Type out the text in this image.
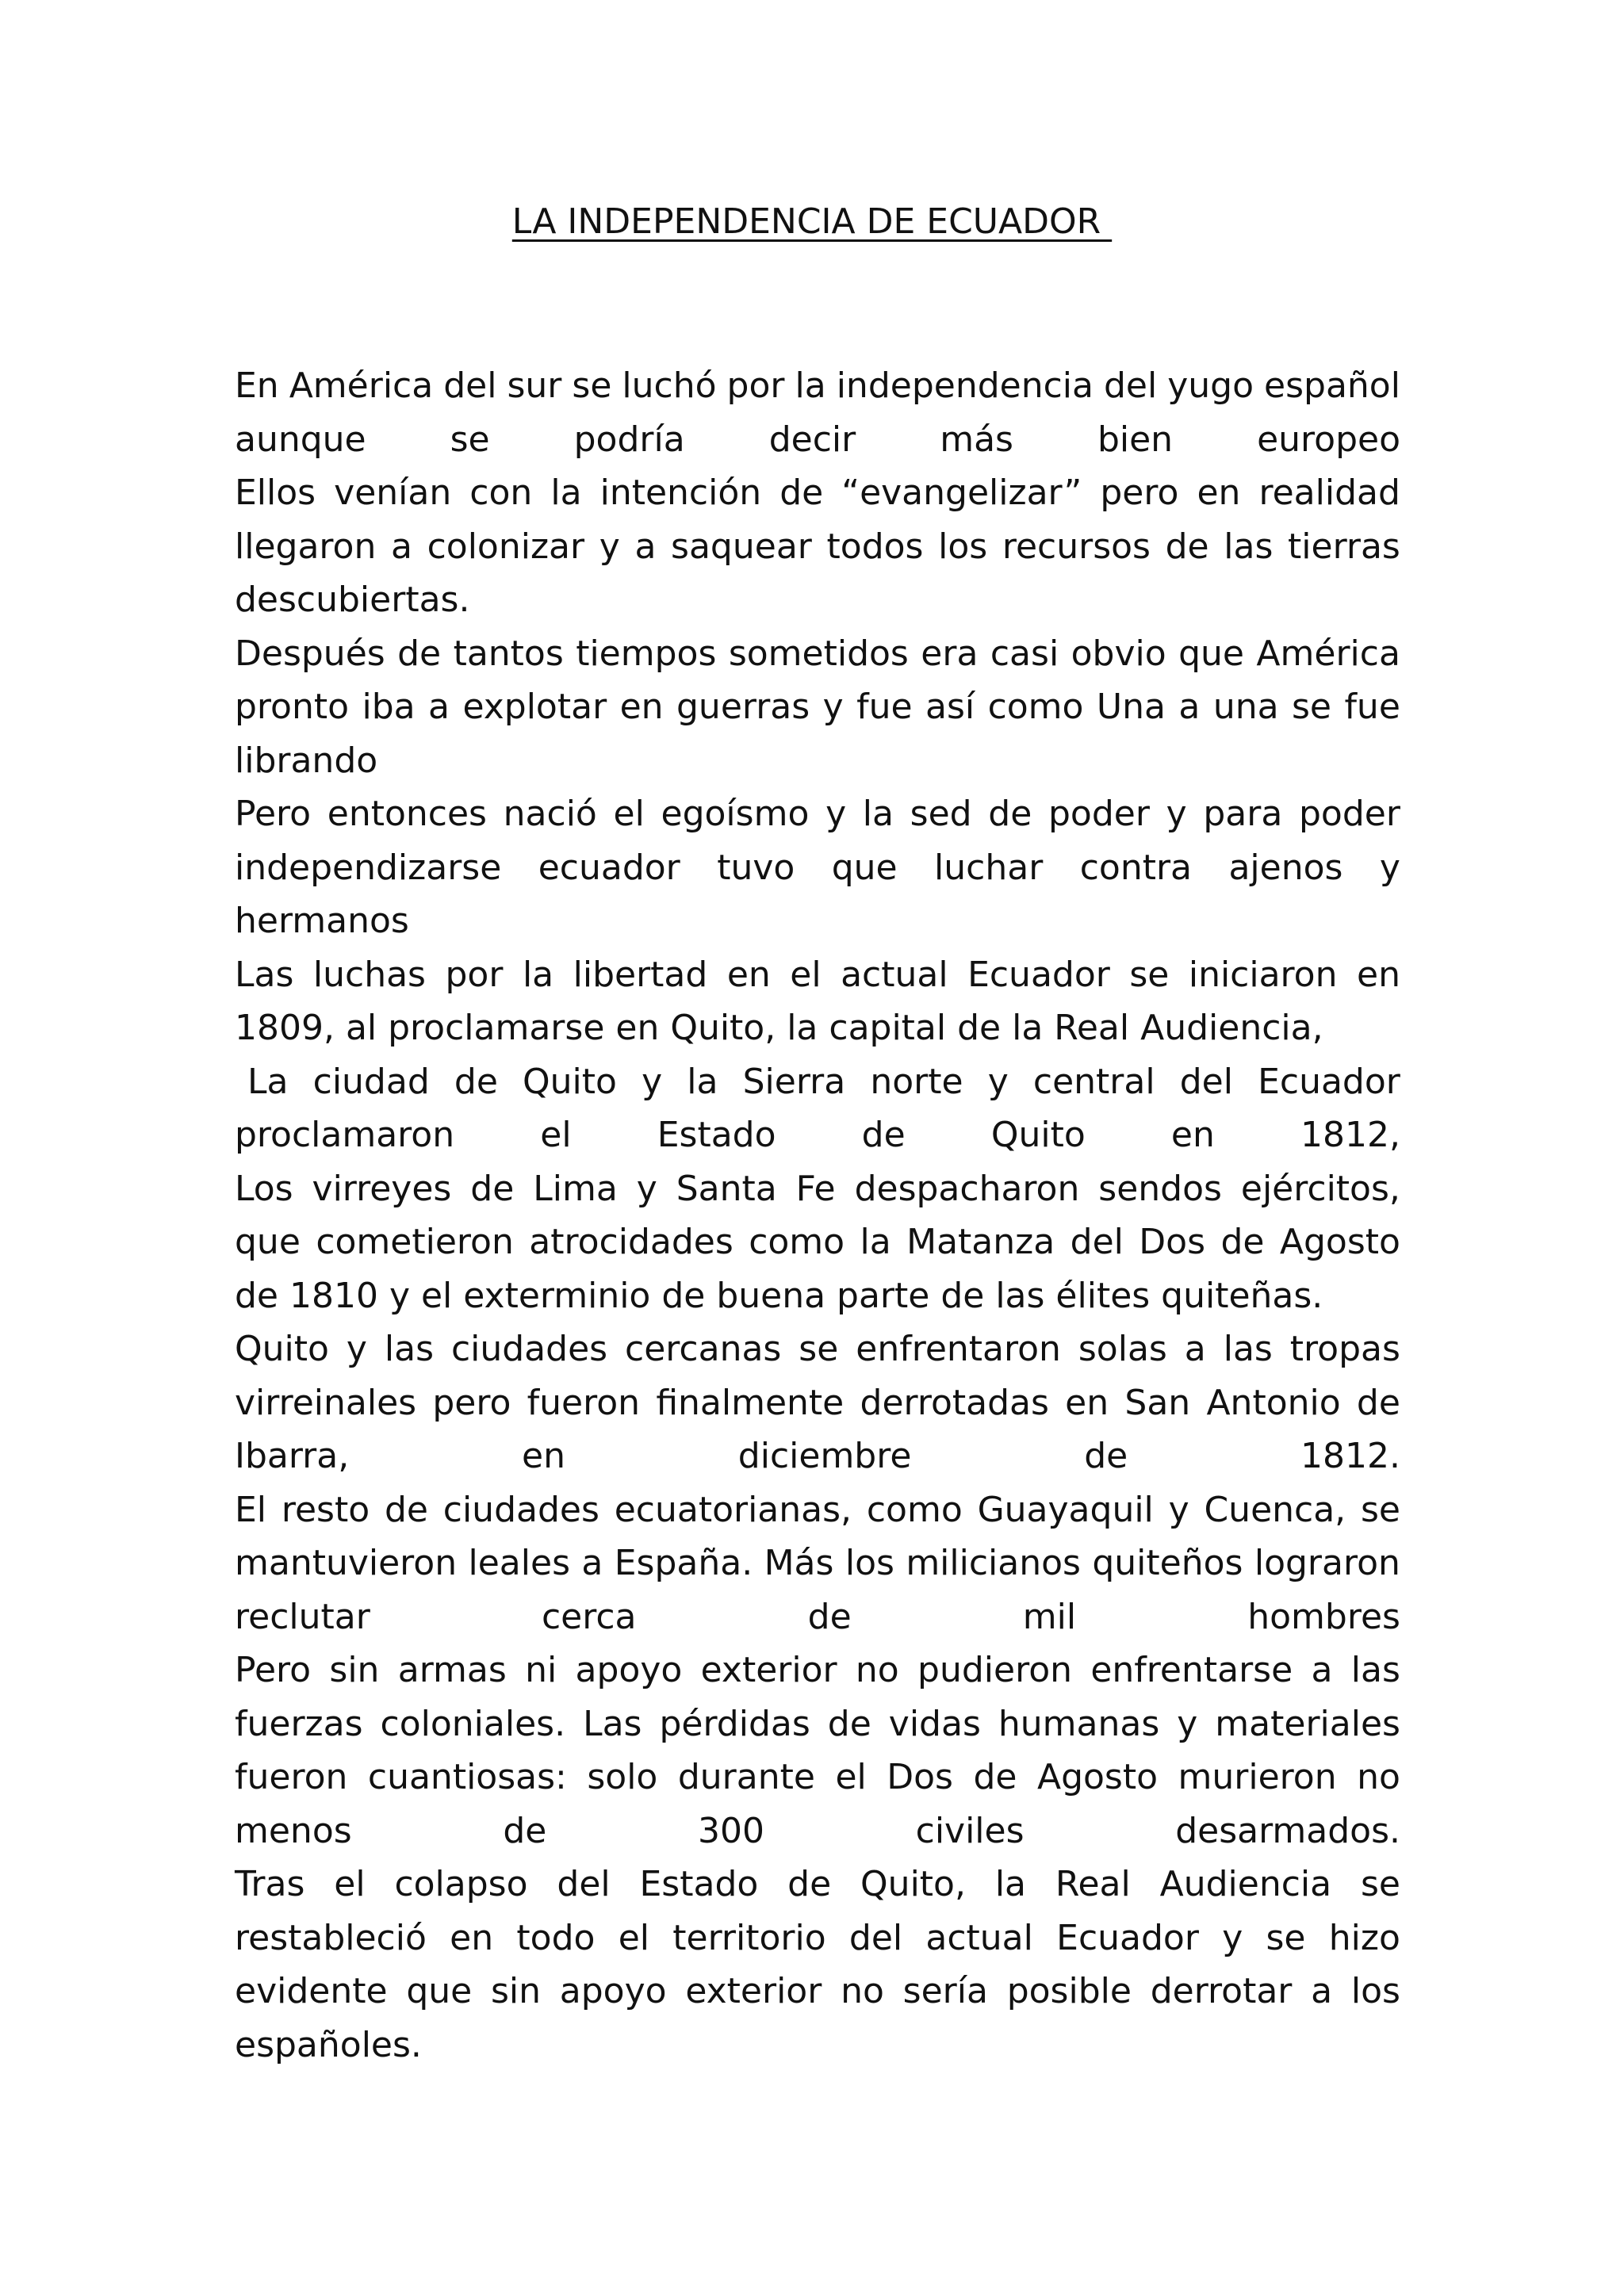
LA INDEPENDENCIA DE ECUADOR
En América del sur se luchó por la independencia del yugo español
aunque se podría decir más bien europeo
Ellos venían con la intención de “evangelizar” pero en realidad
llegaron a colonizar y a saquear todos los recursos de las tierras
descubiertas.
Después de tantos tiempos sometidos era casi obvio que América
pronto iba a explotar en guerras y fue así como Una a una se fue
librando
Pero entonces nació el egoísmo y la sed de poder y para poder
independizarse ecuador tuvo que luchar contra ajenos y
hermanos
Las luchas por la libertad en el actual Ecuador se iniciaron en
1809, al proclamarse en Quito, la capital de la Real Audiencia,
La ciudad de Quito y la Sierra norte y central del Ecuador
proclamaron el Estado de Quito en 1812,
Los virreyes de Lima y Santa Fe despacharon sendos ejércitos,
que cometieron atrocidades como la Matanza del Dos de Agosto
de 1810 y el exterminio de buena parte de las élites quiteñas.
Quito y las ciudades cercanas se enfrentaron solas a las tropas
virreinales pero fueron finalmente derrotadas en San Antonio de
Ibarra,	en	diciembre	de	1812.
El resto de ciudades ecuatorianas, como Guayaquil y Cuenca, se
mantuvieron leales a España. Más los milicianos quiteños lograron
reclutar	cerca	de	mil	hombres
Pero sin armas ni apoyo exterior no pudieron enfrentarse a las
fuerzas coloniales. Las pérdidas de vidas humanas y materiales
fueron cuantiosas: solo durante el Dos de Agosto murieron no
menos	de	300	civiles	desarmados.
Tras el colapso del Estado de Quito, la Real Audiencia se
restableció en todo el territorio del actual Ecuador y se hizo
evidente que sin apoyo exterior no sería posible derrotar a los
españoles.
